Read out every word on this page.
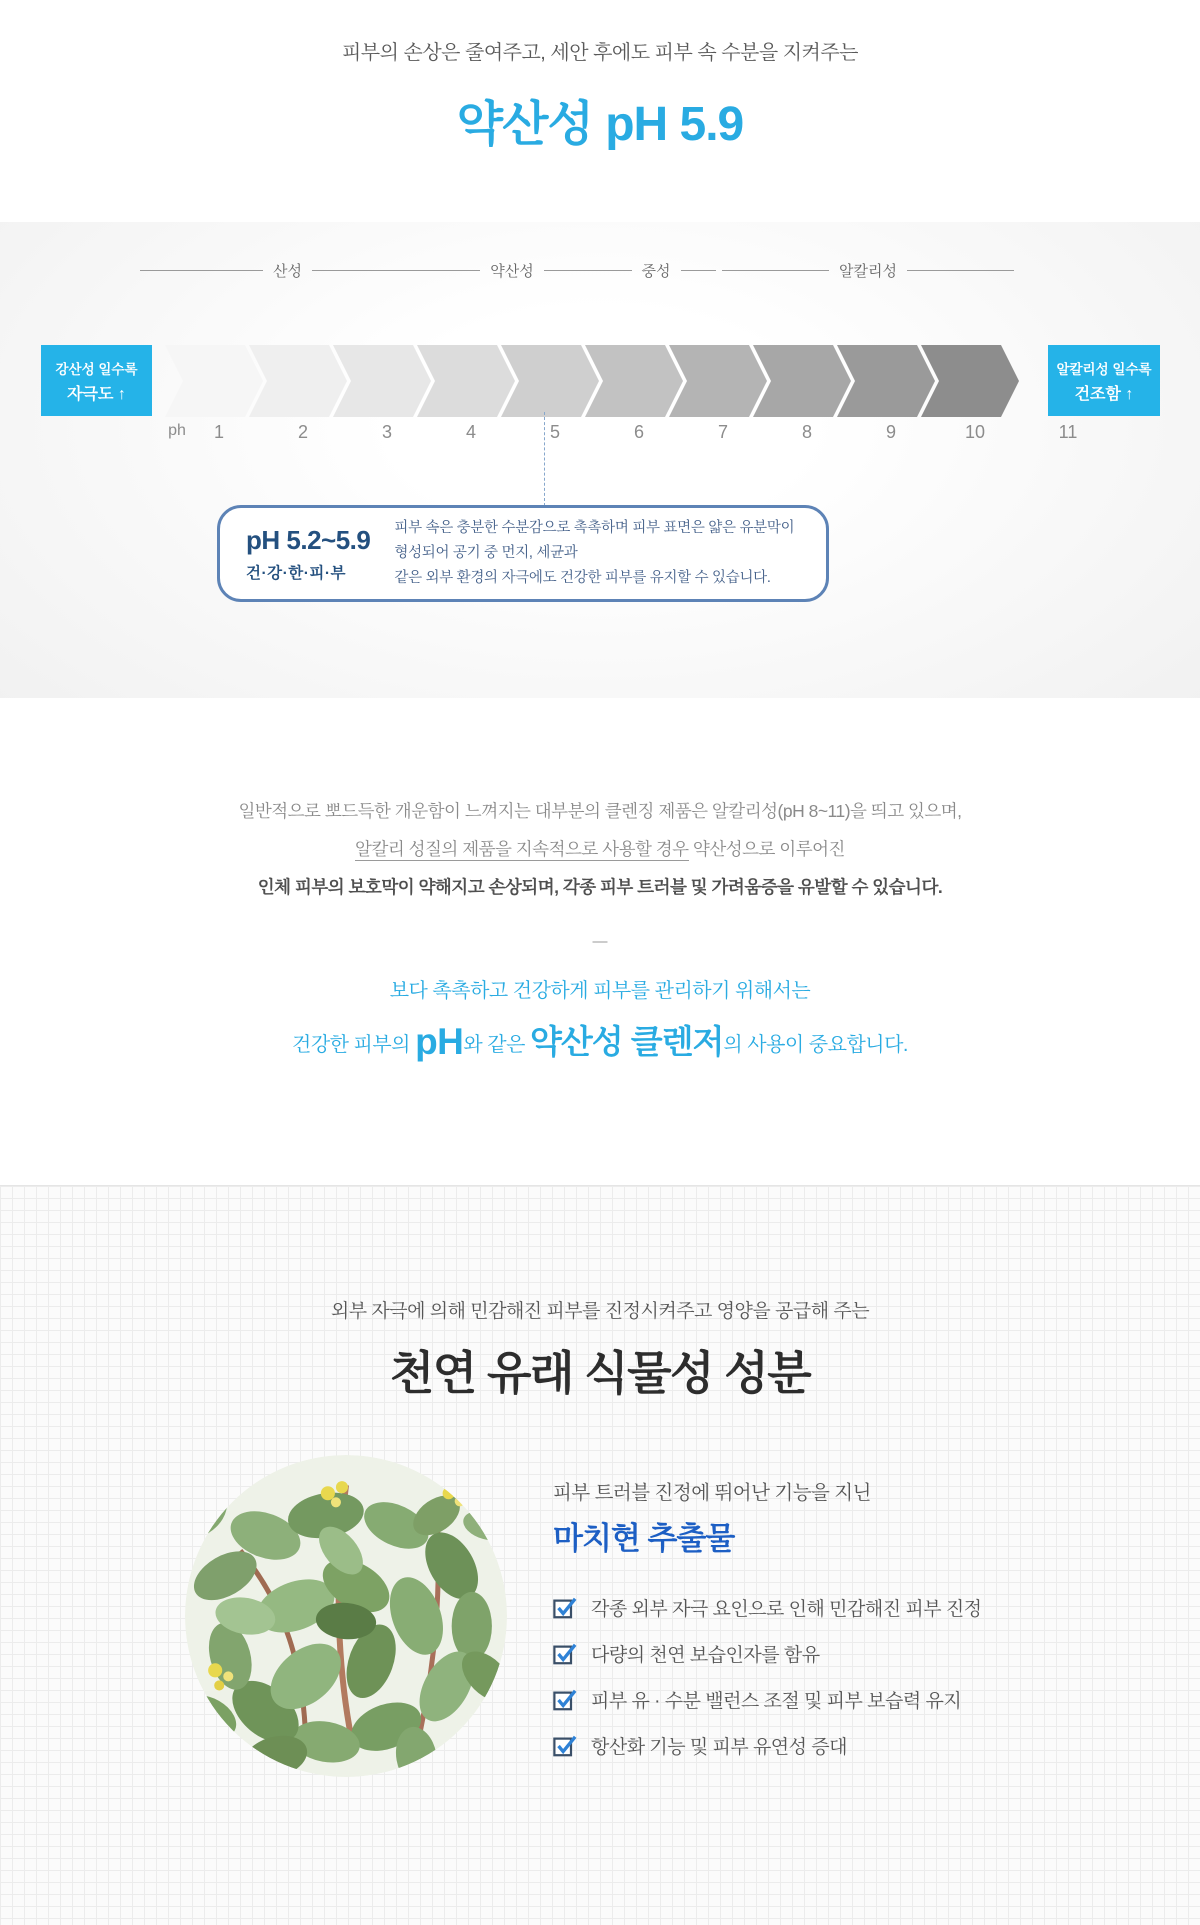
피부의 손상은 줄여주고, 세안 후에도 피부 속 수분을 지켜주는
약산성 pH 5.9
산성	약산성	중성	알칼리성
강산성 일수록
자극도 ↑
알칼리성 일수록
건조함 ↑
ph 1	2	3	4	5	6	7	8	9	10	11
pH 5.2~5.9
건·강·한·피·부
피부 속은 충분한 수분감으로 촉촉하며 피부 표면은 얇은 유분막이 형성되어 공기 중 먼지, 세균과
같은 외부 환경의 자극에도 건강한 피부를 유지할 수 있습니다.
일반적으로 뽀드득한 개운함이 느껴지는 대부분의 클렌징 제품은 알칼리성(pH 8~11)을 띄고 있으며,
알칼리 성질의 제품을 지속적으로 사용할 경우 약산성으로 이루어진
인체 피부의 보호막이 약해지고 손상되며, 각종 피부 트러블 및 가려움증을 유발할 수 있습니다.
—
보다 촉촉하고 건강하게 피부를 관리하기 위해서는
건강한 피부의 pH와 같은 약산성 클렌저의 사용이 중요합니다.
외부 자극에 의해 민감해진 피부를 진정시켜주고 영양을 공급해 주는
천연 유래 식물성 성분
피부 트러블 진정에 뛰어난 기능을 지닌
마치현 추출물
각종 외부 자극 요인으로 인해 민감해진 피부 진정
다량의 천연 보습인자를 함유
피부 유 · 수분 밸런스 조절 및 피부 보습력 유지
항산화 기능 및 피부 유연성 증대
